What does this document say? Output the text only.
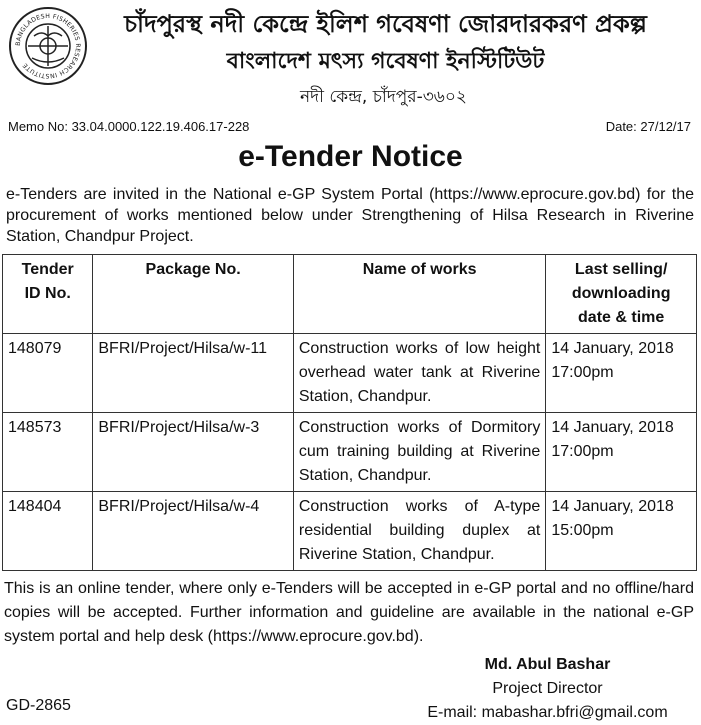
BANGLADESH FISHERIES RESEARCH INSTITUTE
চাঁদপুরস্থ নদী কেন্দ্রে ইলিশ গবেষণা জোরদারকরণ প্রকল্প
বাংলাদেশ মৎস্য গবেষণা ইনস্টিটিউট
নদী কেন্দ্র, চাঁদপুর-৩৬০২
Memo No: 33.04.0000.122.19.406.17-228	Date: 27/12/17
e-Tender Notice
e-Tenders are invited in the National e-GP System Portal (https://www.eprocure.gov.bd) for the procurement of works mentioned below under Strengthening of Hilsa Research in Riverine Station, Chandpur Project.
Tender
ID No.	Package No.	Name of works	Last selling/
downloading
date & time
148079	BFRI/Project/Hilsa/w-11	Construction works of low height overhead water tank at Riverine Station, Chandpur.	14 January, 2018
17:00pm
148573	BFRI/Project/Hilsa/w-3	Construction works of Dormitory cum training building at Riverine Station, Chandpur.	14 January, 2018
17:00pm
148404	BFRI/Project/Hilsa/w-4	Construction works of A-type residential building duplex at Riverine Station, Chandpur.	14 January, 2018
15:00pm
This is an online tender, where only e-Tenders will be accepted in e-GP portal and no offline/hard copies will be accepted. Further information and guideline are available in the national e-GP system portal and help desk (https://www.eprocure.gov.bd).
Md. Abul Bashar
Project Director
E-mail: mabashar.bfri@gmail.com
GD-2865
